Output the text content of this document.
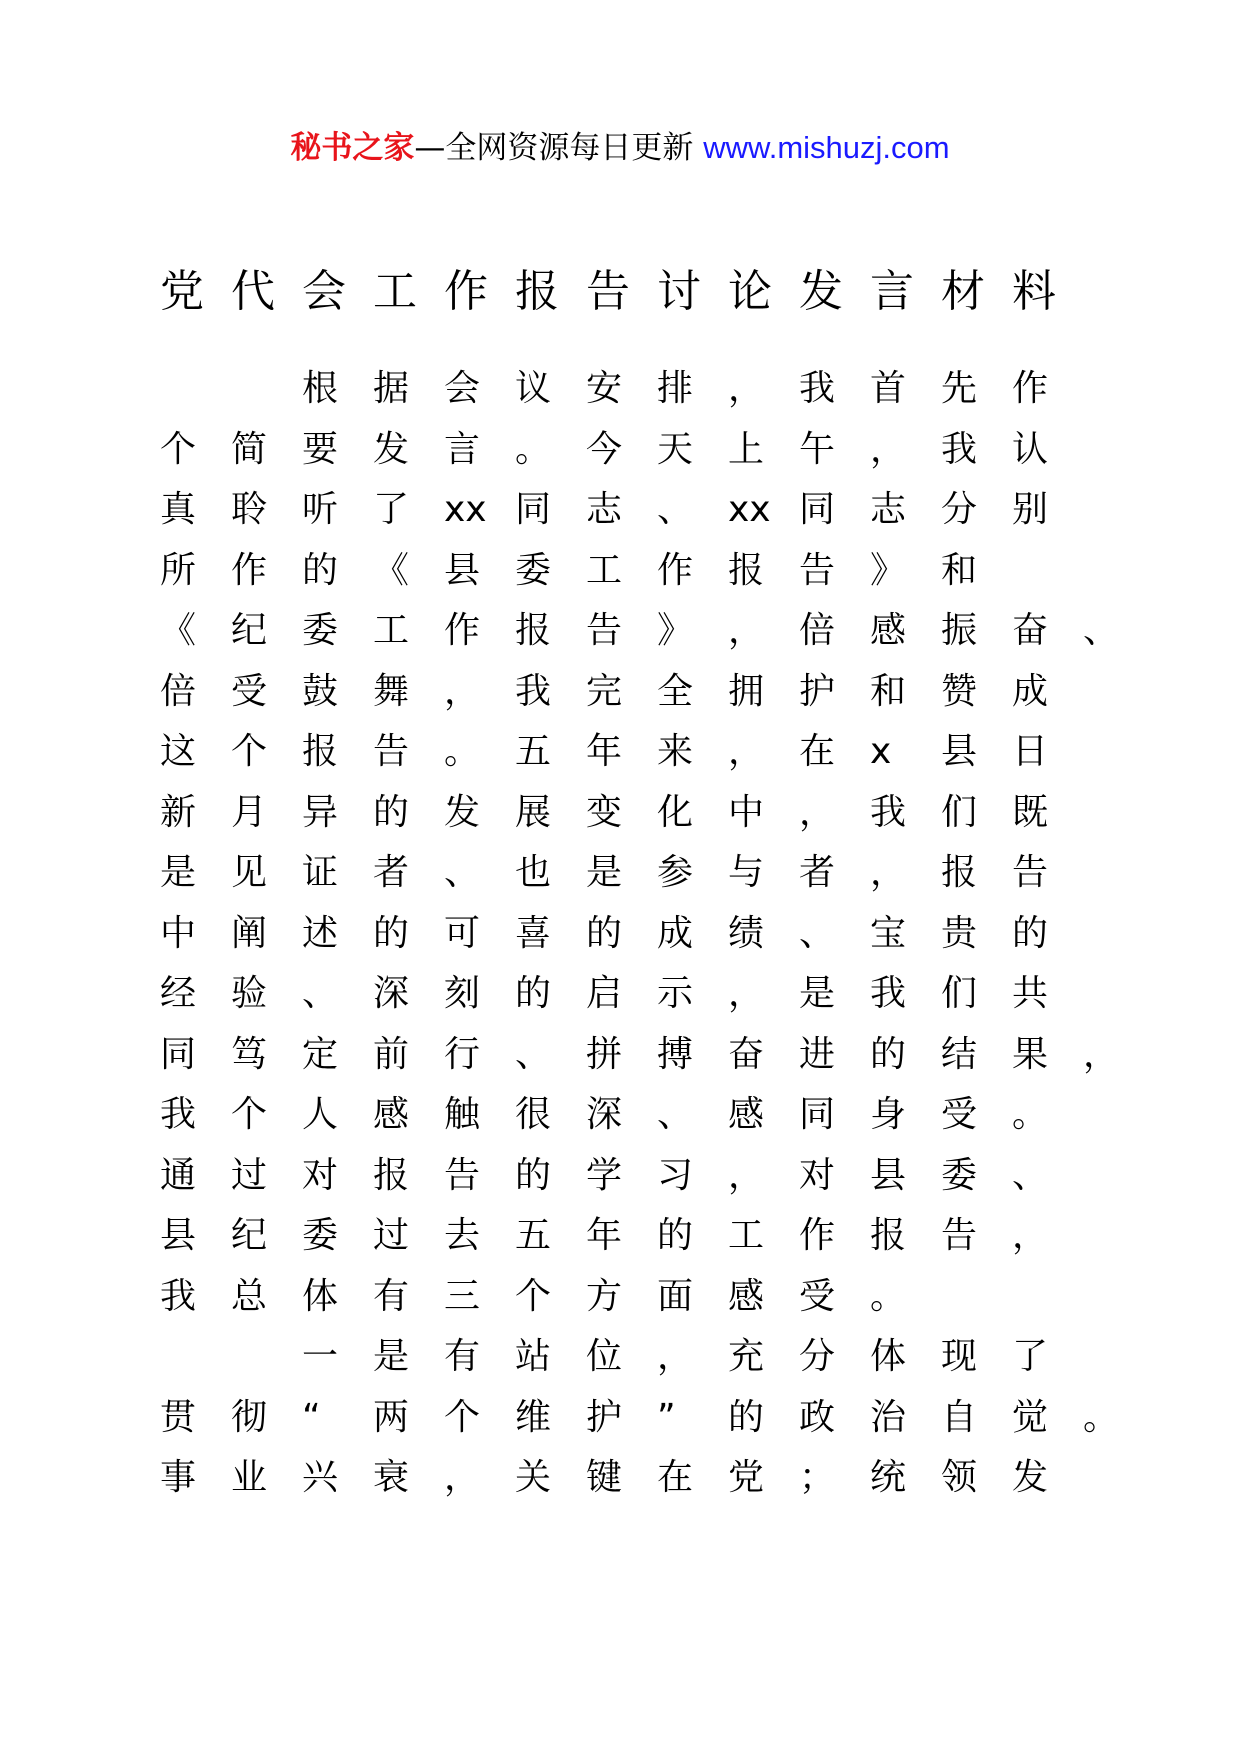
秘书之家—全网资源每日更新 www.mishuzj.com
党代会工作报告讨论发言材料
　　根 据 会 议 安 排 ， 我 首 先 作
个 简 要 发 言 。 今 天 上 午 ， 我 认
真 聆 听 了 xx 同 志 、 xx 同 志 分 别
所 作 的 《 县 委 工 作 报 告 》 和
《 纪 委 工 作 报 告 》 ， 倍 感 振 奋 、
倍 受 鼓 舞 ， 我 完 全 拥 护 和 赞 成
这 个 报 告 。 五 年 来 ， 在 x 县 日
新 月 异 的 发 展 变 化 中 ， 我 们 既
是 见 证 者 、 也 是 参 与 者 ， 报 告
中 阐 述 的 可 喜 的 成 绩 、 宝 贵 的
经 验 、 深 刻 的 启 示 ， 是 我 们 共
同 笃 定 前 行 、 拼 搏 奋 进 的 结 果 ，
我 个 人 感 触 很 深 、 感 同 身 受 。
通 过 对 报 告 的 学 习 ， 对 县 委 、
县 纪 委 过 去 五 年 的 工 作 报 告 ，
我 总 体 有 三 个 方 面 感 受 。
　　一 是 有 站 位 ， 充 分 体 现 了
贯 彻 “ 两 个 维 护 ” 的 政 治 自 觉 。
事 业 兴 衰 ， 关 键 在 党 ； 统 领 发
